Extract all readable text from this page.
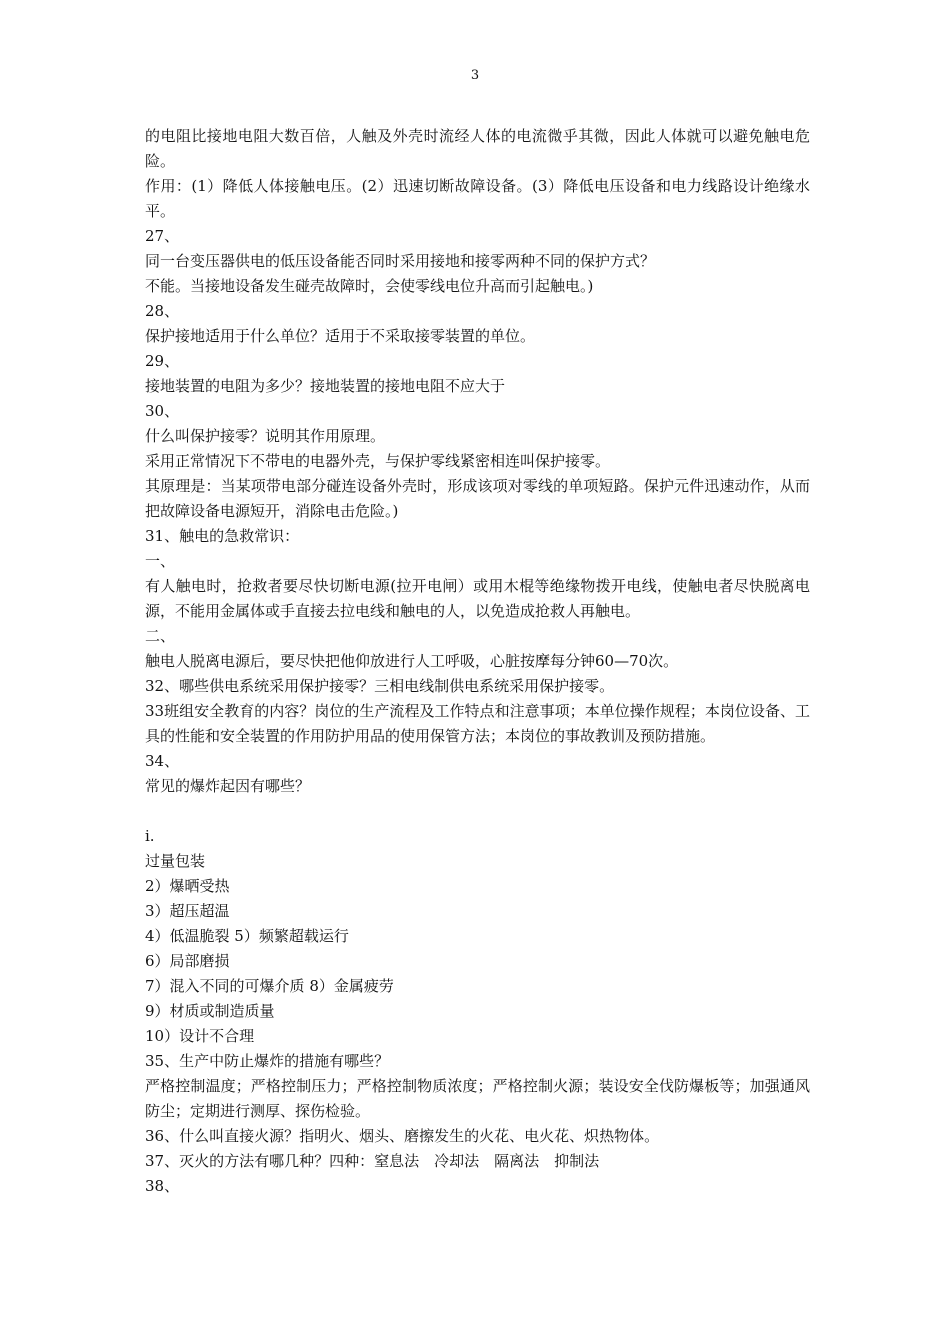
3

的电阻比接地电阻大数百倍，人触及外壳时流经人体的电流微乎其微，因此人体就可以避免触电危险。

作用：(1）降低人体接触电压。(2）迅速切断故障设备。(3）降低电压设备和电力线路设计绝缘水平。

27、

同一台变压器供电的低压设备能否同时采用接地和接零两种不同的保护方式？

不能。当接地设备发生碰壳故障时，会使零线电位升高而引起触电。)

28、

保护接地适用于什么单位？适用于不采取接零装置的单位。

29、

接地装置的电阻为多少？接地装置的接地电阻不应大于

30、

什么叫保护接零？说明其作用原理。

采用正常情况下不带电的电器外壳，与保护零线紧密相连叫保护接零。

其原理是：当某项带电部分碰连设备外壳时，形成该项对零线的单项短路。保护元件迅速动作，从而把故障设备电源短开，消除电击危险。)

31、触电的急救常识：

一、

有人触电时，抢救者要尽快切断电源(拉开电闸）或用木棍等绝缘物拨开电线，使触电者尽快脱离电源，不能用金属体或手直接去拉电线和触电的人，以免造成抢救人再触电。

二、

触电人脱离电源后，要尽快把他仰放进行人工呼吸，心脏按摩每分钟60—70次。

32、哪些供电系统采用保护接零？三相电线制供电系统采用保护接零。

33班组安全教育的内容？岗位的生产流程及工作特点和注意事项；本单位操作规程；本岗位设备、工具的性能和安全装置的作用防护用品的使用保管方法；本岗位的事故教训及预防措施。

34、

常见的爆炸起因有哪些？

i.

过量包装

2）爆晒受热

3）超压超温

4）低温脆裂 5）频繁超载运行

6）局部磨损

7）混入不同的可爆介质 8）金属疲劳

9）材质或制造质量

10）设计不合理

35、生产中防止爆炸的措施有哪些？

严格控制温度；严格控制压力；严格控制物质浓度；严格控制火源；装设安全伐防爆板等；加强通风防尘；定期进行测厚、探伤检验。

36、什么叫直接火源？指明火、烟头、磨擦发生的火花、电火花、炽热物体。

37、灭火的方法有哪几种？四种：窒息法　冷却法　隔离法　抑制法

38、
